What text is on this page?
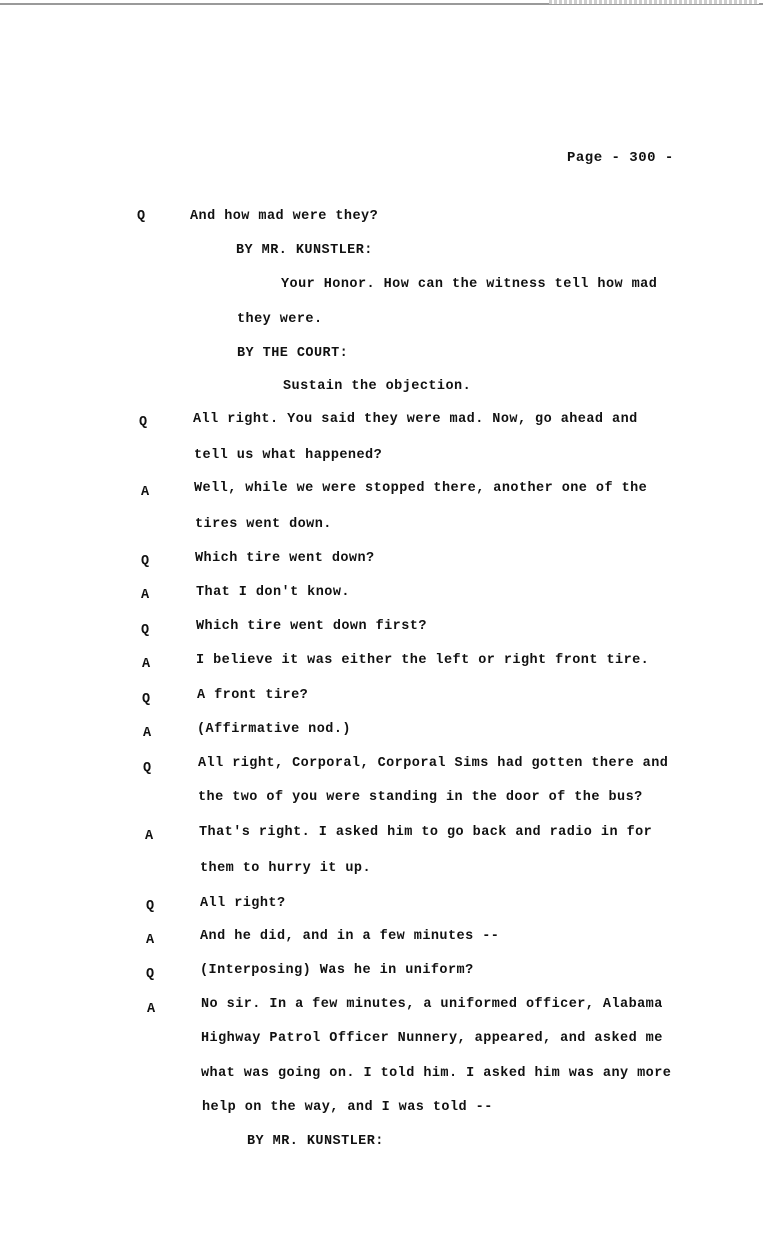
Page - 300 -
Q	And how mad were they?
BY MR. KUNSTLER:
Your Honor. How can the witness tell how mad
they were.
BY THE COURT:
Sustain the objection.
Q	All right. You said they were mad. Now, go ahead and
tell us what happened?
A	Well, while we were stopped there, another one of the
tires went down.
Q	Which tire went down?
A	That I don't know.
Q	Which tire went down first?
A	I believe it was either the left or right front tire.
Q	A front tire?
A	(Affirmative nod.)
Q	All right, Corporal, Corporal Sims had gotten there and
the two of you were standing in the door of the bus?
A	That's right. I asked him to go back and radio in for
them to hurry it up.
Q	All right?
A	And he did, and in a few minutes --
Q	(Interposing) Was he in uniform?
A	No sir. In a few minutes, a uniformed officer, Alabama
Highway Patrol Officer Nunnery, appeared, and asked me
what was going on. I told him. I asked him was any more
help on the way, and I was told --
BY MR. KUNSTLER:
